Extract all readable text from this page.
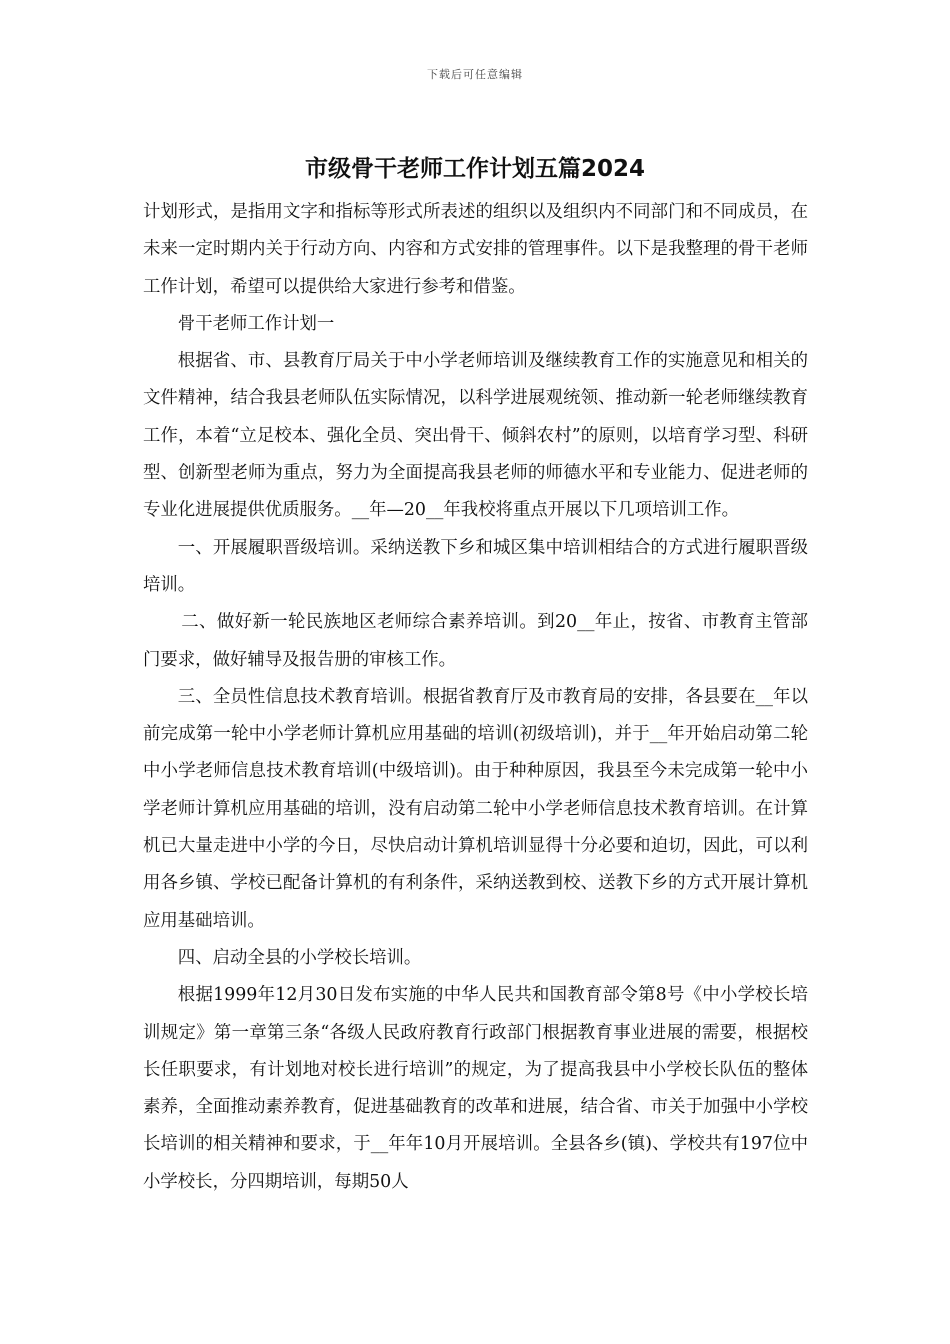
下载后可任意编辑
市级骨干老师工作计划五篇2024

计划形式，是指用文字和指标等形式所表述的组织以及组织内不同部门和不同成员，在未来一定时期内关于行动方向、内容和方式安排的管理事件。以下是我整理的骨干老师工作计划，希望可以提供给大家进行参考和借鉴。

骨干老师工作计划一

根据省、市、县教育厅局关于中小学老师培训及继续教育工作的实施意见和相关的文件精神，结合我县老师队伍实际情况，以科学进展观统领、推动新一轮老师继续教育工作，本着“立足校本、强化全员、突出骨干、倾斜农村”的原则，以培育学习型、科研型、创新型老师为重点，努力为全面提高我县老师的师德水平和专业能力、促进老师的专业化进展提供优质服务。__年—20__年我校将重点开展以下几项培训工作。

一、开展履职晋级培训。采纳送教下乡和城区集中培训相结合的方式进行履职晋级培训。

二、做好新一轮民族地区老师综合素养培训。到20__年止，按省、市教育主管部门要求，做好辅导及报告册的审核工作。

三、全员性信息技术教育培训。根据省教育厅及市教育局的安排，各县要在__年以前完成第一轮中小学老师计算机应用基础的培训(初级培训)，并于__年开始启动第二轮中小学老师信息技术教育培训(中级培训)。由于种种原因，我县至今未完成第一轮中小学老师计算机应用基础的培训，没有启动第二轮中小学老师信息技术教育培训。在计算机已大量走进中小学的今日，尽快启动计算机培训显得十分必要和迫切，因此，可以利用各乡镇、学校已配备计算机的有利条件，采纳送教到校、送教下乡的方式开展计算机应用基础培训。

四、启动全县的小学校长培训。

根据1999年12月30日发布实施的中华人民共和国教育部令第8号《中小学校长培训规定》第一章第三条“各级人民政府教育行政部门根据教育事业进展的需要，根据校长任职要求，有计划地对校长进行培训”的规定，为了提高我县中小学校长队伍的整体素养，全面推动素养教育，促进基础教育的改革和进展，结合省、市关于加强中小学校长培训的相关精神和要求，于__年年10月开展培训。全县各乡(镇)、学校共有197位中小学校长，分四期培训，每期50人
